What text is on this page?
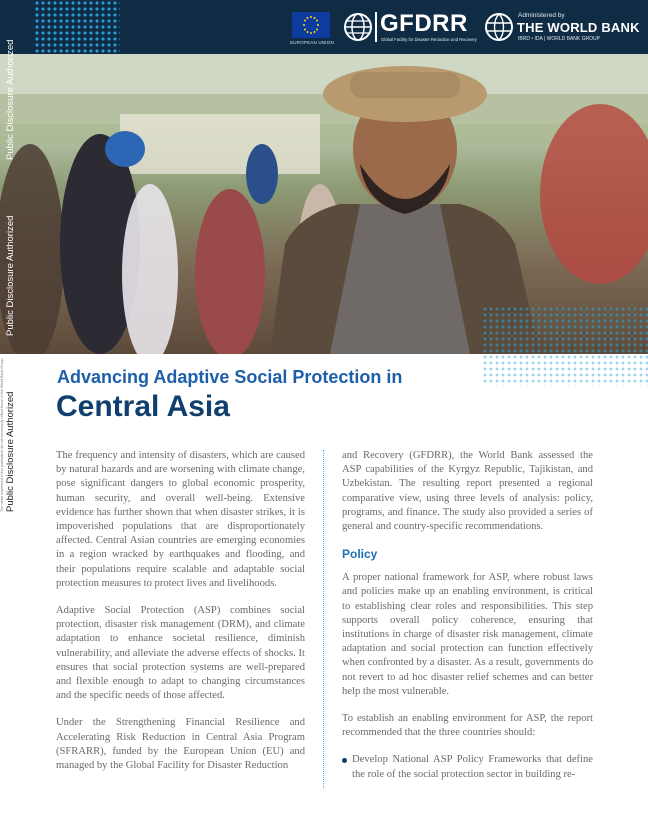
EUROPEAN UNION
GFDRR
Global Facility for Disaster Reduction and Recovery
Administered by
THE WORLD BANK
IBRD • IDA | WORLD BANK GROUP
Public Disclosure Authorized
Public Disclosure Authorized
Public Disclosure Authorized
The views expressed in this publication do not necessarily reflect those of the World Bank Group.	Advancing Adaptive Social Protection in
Central Asia

The frequency and intensity of disasters, which are caused by natural hazards and are worsening with climate change, pose significant dangers to global economic prosperity, human security, and overall well-being. Extensive evidence has further shown that when disaster strikes, it is impoverished populations that are disproportionately affected. Central Asian countries are emerging economies in a region wracked by earthquakes and flooding, and their populations require scalable and adaptable social protection measures to protect lives and livelihoods.

Adaptive Social Protection (ASP) combines social protection, disaster risk management (DRM), and climate adaptation to enhance societal resilience, diminish vulnerability, and alleviate the adverse effects of shocks. It ensures that social protection systems are well-prepared and flexible enough to adapt to changing circumstances and the specific needs of those affected.

Under the Strengthening Financial Resilience and Accelerating Risk Reduction in Central Asia Program (SFRARR), funded by the European Union (EU) and managed by the Global Facility for Disaster Reduction

and Recovery (GFDRR), the World Bank assessed the ASP capabilities of the Kyrgyz Republic, Tajikistan, and Uzbekistan. The resulting report presented a regional comparative view, using three levels of analysis: policy, programs, and finance. The study also provided a series of general and country-specific recommendations.

Policy

A proper national framework for ASP, where robust laws and policies make up an enabling environment, is critical to establishing clear roles and responsibilities. This step supports overall policy coherence, ensuring that institutions in charge of disaster risk management, climate adaptation and social protection can function effectively when confronted by a disaster. As a result, governments do not revert to ad hoc disaster relief schemes and can better help the most vulnerable.

To establish an enabling environment for ASP, the report recommended that the three countries should:

Develop National ASP Policy Frameworks that define the role of the social protection sector in building re-
